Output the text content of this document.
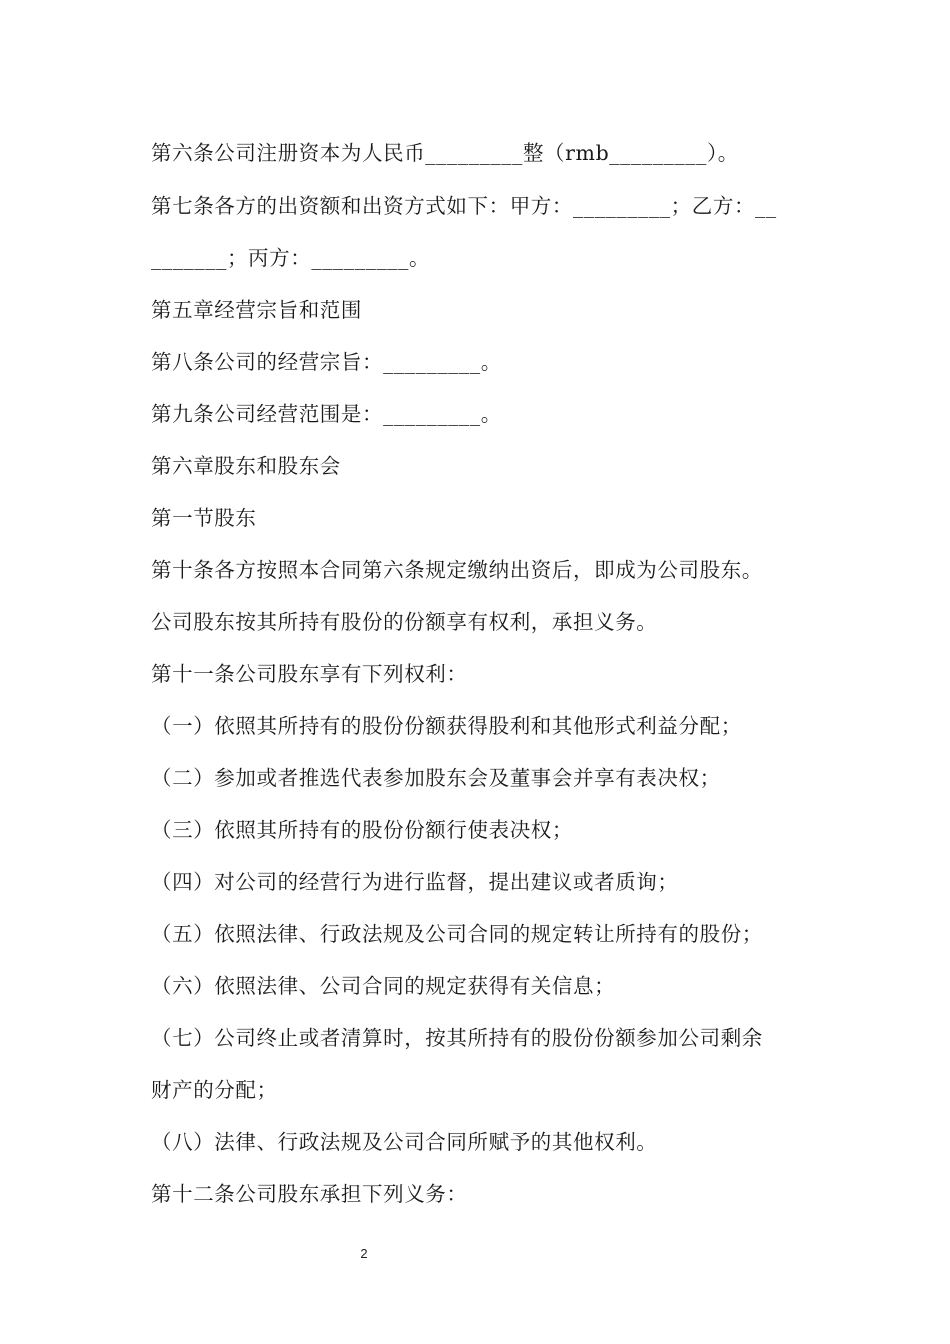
第六条公司注册资本为人民币_________整（rmb_________）。
第七条各方的出资额和出资方式如下：甲方：_________；乙方：__
_______；丙方：_________。
第五章经营宗旨和范围
第八条公司的经营宗旨：_________。
第九条公司经营范围是：_________。
第六章股东和股东会
第一节股东
第十条各方按照本合同第六条规定缴纳出资后，即成为公司股东。
公司股东按其所持有股份的份额享有权利，承担义务。
第十一条公司股东享有下列权利：
（一）依照其所持有的股份份额获得股利和其他形式利益分配；
（二）参加或者推选代表参加股东会及董事会并享有表决权；
（三）依照其所持有的股份份额行使表决权；
（四）对公司的经营行为进行监督，提出建议或者质询；
（五）依照法律、行政法规及公司合同的规定转让所持有的股份；
（六）依照法律、公司合同的规定获得有关信息；
（七）公司终止或者清算时，按其所持有的股份份额参加公司剩余
财产的分配；
（八）法律、行政法规及公司合同所赋予的其他权利。
第十二条公司股东承担下列义务：
2
